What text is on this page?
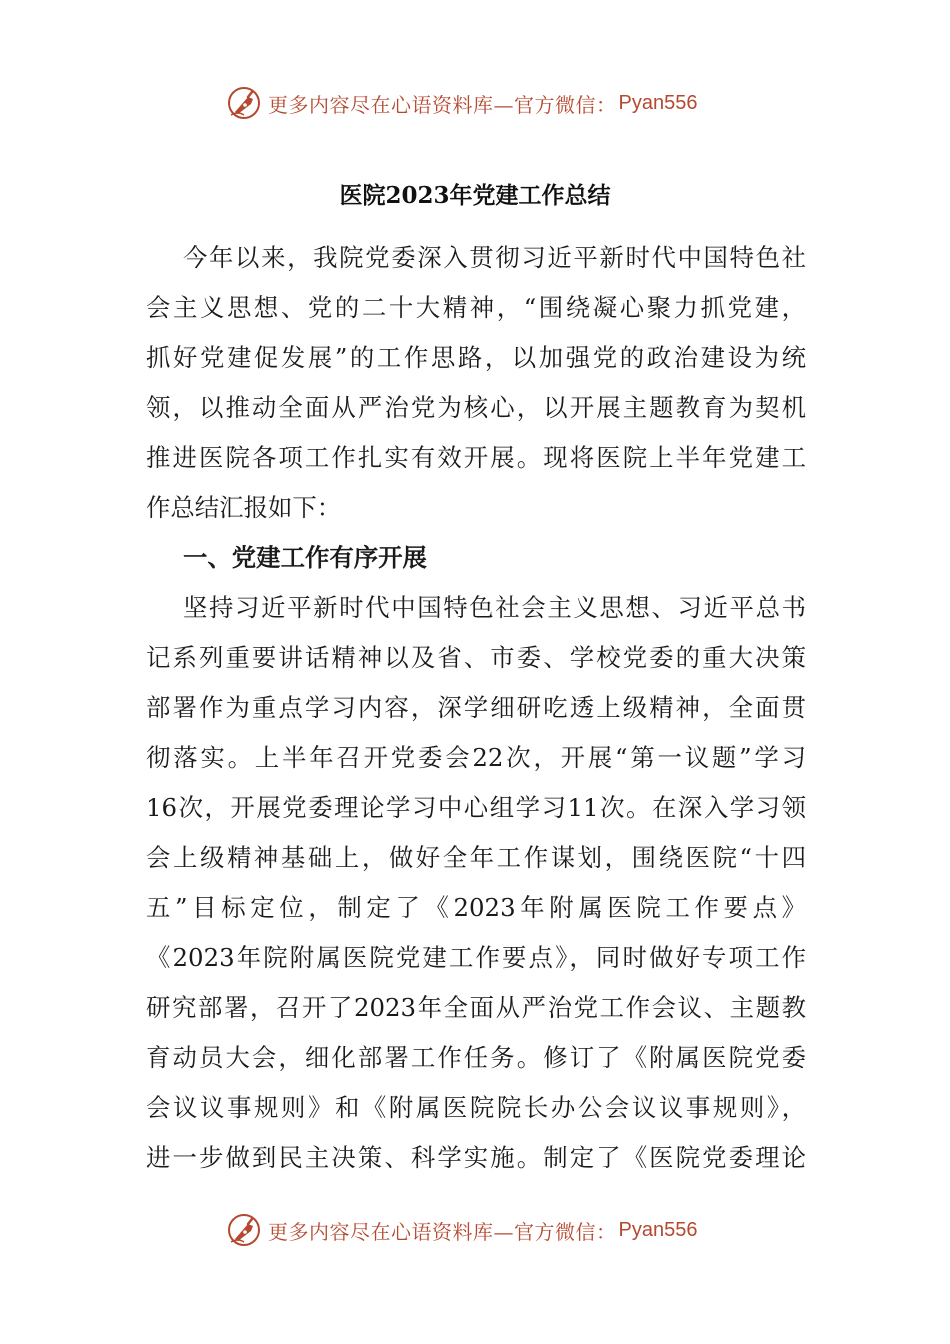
更多内容尽在心语资料库—官方微信： Pyan556
医院2023年党建工作总结
今年以来，我院党委深入贯彻习近平新时代中国特色社
会主义思想、党的二十大精神，“围绕凝心聚力抓党建，
抓好党建促发展”的工作思路，以加强党的政治建设为统
领，以推动全面从严治党为核心，以开展主题教育为契机
推进医院各项工作扎实有效开展。现将医院上半年党建工
作总结汇报如下：
一、党建工作有序开展
坚持习近平新时代中国特色社会主义思想、习近平总书
记系列重要讲话精神以及省、市委、学校党委的重大决策
部署作为重点学习内容，深学细研吃透上级精神，全面贯
彻落实。上半年召开党委会22次，开展“第一议题”学习
16次，开展党委理论学习中心组学习11次。在深入学习领
会上级精神基础上，做好全年工作谋划，围绕医院“十四
五”目标定位，制定了《2023年附属医院工作要点》
《2023年院附属医院党建工作要点》，同时做好专项工作
研究部署，召开了2023年全面从严治党工作会议、主题教
育动员大会，细化部署工作任务。修订了《附属医院党委
会议议事规则》和《附属医院院长办公会议议事规则》，
进一步做到民主决策、科学实施。制定了《医院党委理论
更多内容尽在心语资料库—官方微信： Pyan556
